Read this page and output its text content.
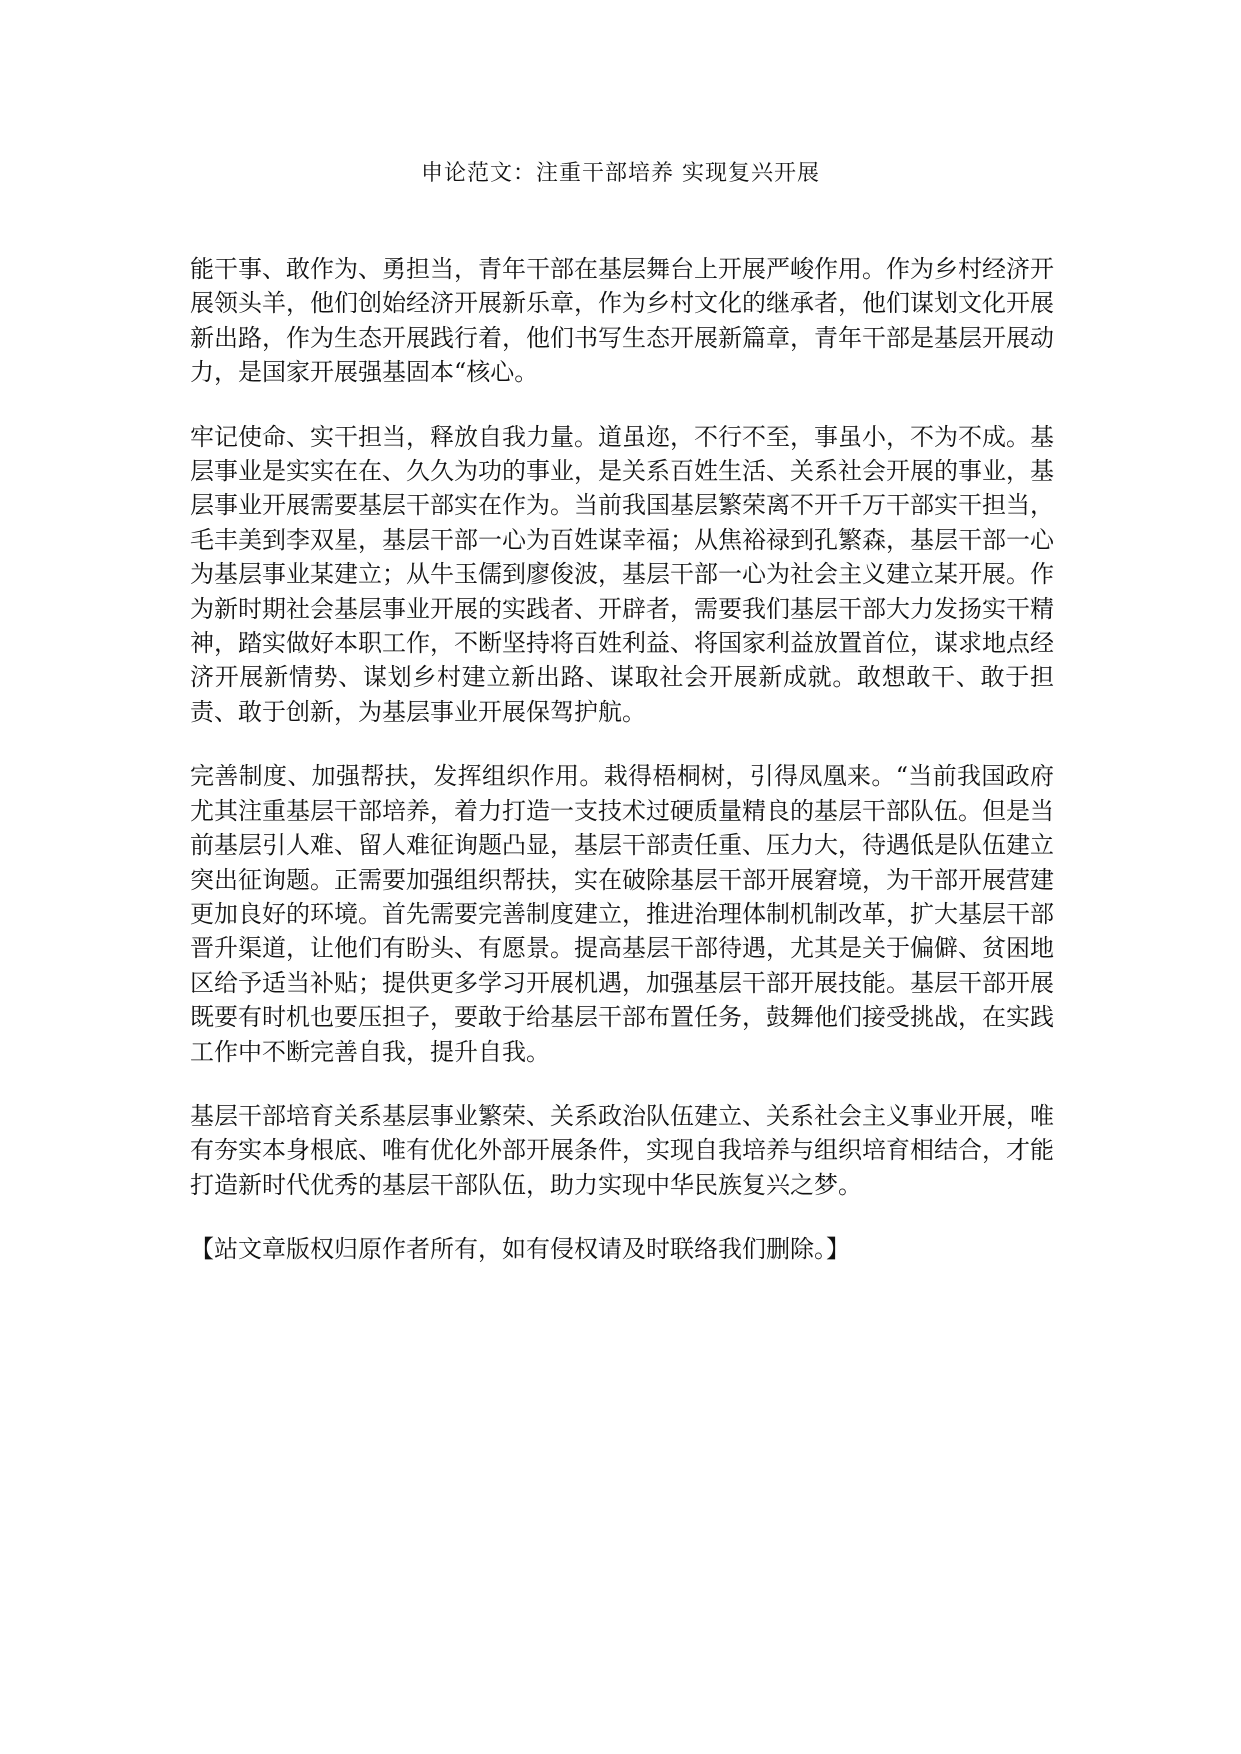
申论范文：注重干部培养 实现复兴开展

能干事、敢作为、勇担当，青年干部在基层舞台上开展严峻作用。作为乡村经济开展领头羊，他们创始经济开展新乐章，作为乡村文化的继承者，他们谋划文化开展新出路，作为生态开展践行着，他们书写生态开展新篇章，青年干部是基层开展动力，是国家开展强基固本“核心。

牢记使命、实干担当，释放自我力量。道虽迩，不行不至，事虽小，不为不成。基层事业是实实在在、久久为功的事业，是关系百姓生活、关系社会开展的事业，基层事业开展需要基层干部实在作为。当前我国基层繁荣离不开千万干部实干担当，毛丰美到李双星，基层干部一心为百姓谋幸福；从焦裕禄到孔繁森，基层干部一心为基层事业某建立；从牛玉儒到廖俊波，基层干部一心为社会主义建立某开展。作为新时期社会基层事业开展的实践者、开辟者，需要我们基层干部大力发扬实干精神，踏实做好本职工作，不断坚持将百姓利益、将国家利益放置首位，谋求地点经济开展新情势、谋划乡村建立新出路、谋取社会开展新成就。敢想敢干、敢于担责、敢于创新，为基层事业开展保驾护航。

完善制度、加强帮扶，发挥组织作用。栽得梧桐树，引得凤凰来。“当前我国政府尤其注重基层干部培养，着力打造一支技术过硬质量精良的基层干部队伍。但是当前基层引人难、留人难征询题凸显，基层干部责任重、压力大，待遇低是队伍建立突出征询题。正需要加强组织帮扶，实在破除基层干部开展窘境，为干部开展营建更加良好的环境。首先需要完善制度建立，推进治理体制机制改革，扩大基层干部晋升渠道，让他们有盼头、有愿景。提高基层干部待遇，尤其是关于偏僻、贫困地区给予适当补贴；提供更多学习开展机遇，加强基层干部开展技能。基层干部开展既要有时机也要压担子，要敢于给基层干部布置任务，鼓舞他们接受挑战，在实践工作中不断完善自我，提升自我。

基层干部培育关系基层事业繁荣、关系政治队伍建立、关系社会主义事业开展，唯有夯实本身根底、唯有优化外部开展条件，实现自我培养与组织培育相结合，才能打造新时代优秀的基层干部队伍，助力实现中华民族复兴之梦。

【站文章版权归原作者所有，如有侵权请及时联络我们删除。】
